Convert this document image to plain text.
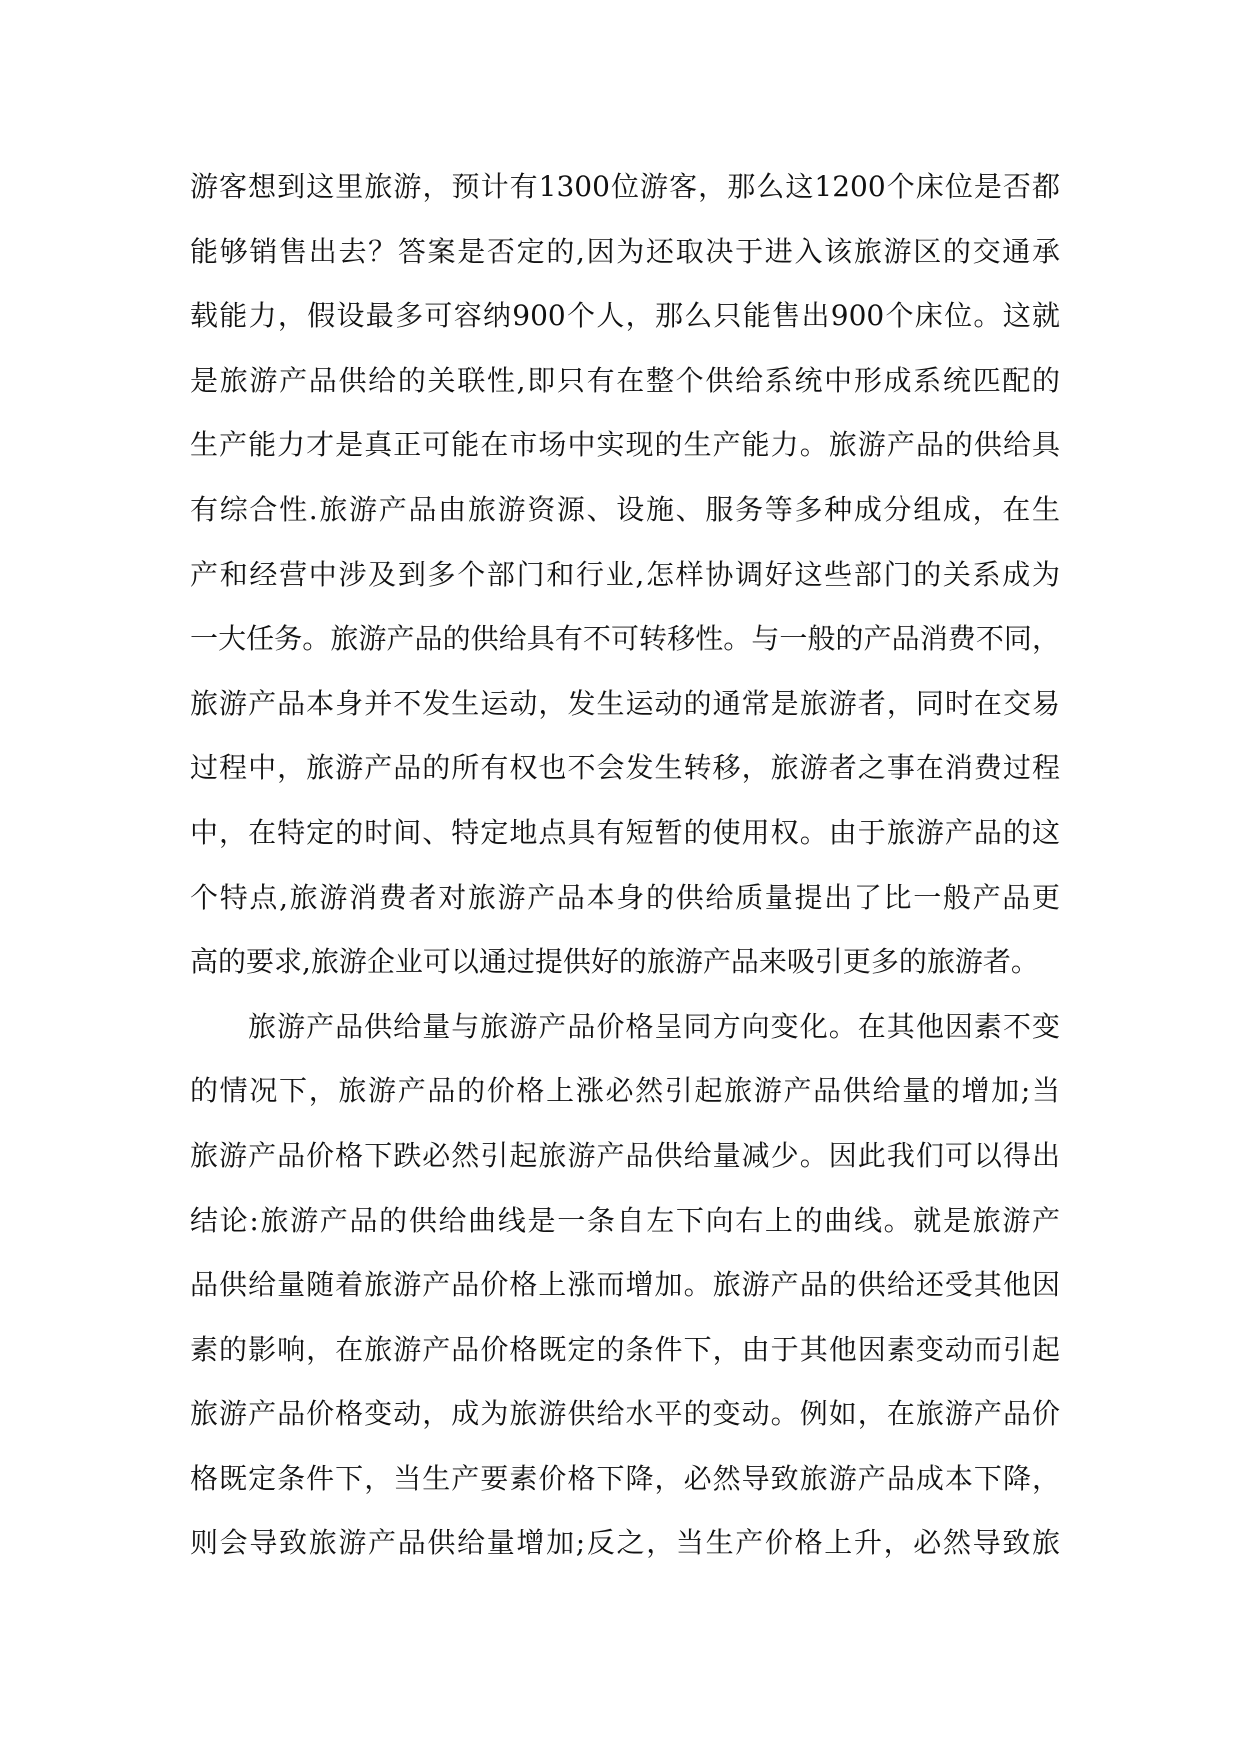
游客想到这里旅游，预计有1300位游客，那么这1200个床位是否都
能够销售出去？答案是否定的,因为还取决于进入该旅游区的交通承
载能力，假设最多可容纳900个人，那么只能售出900个床位。这就
是旅游产品供给的关联性,即只有在整个供给系统中形成系统匹配的
生产能力才是真正可能在市场中实现的生产能力。旅游产品的供给具
有综合性.旅游产品由旅游资源、设施、服务等多种成分组成，在生
产和经营中涉及到多个部门和行业,怎样协调好这些部门的关系成为
一大任务。旅游产品的供给具有不可转移性。与一般的产品消费不同，
旅游产品本身并不发生运动，发生运动的通常是旅游者，同时在交易
过程中，旅游产品的所有权也不会发生转移，旅游者之事在消费过程
中，在特定的时间、特定地点具有短暂的使用权。由于旅游产品的这
个特点,旅游消费者对旅游产品本身的供给质量提出了比一般产品更
高的要求,旅游企业可以通过提供好的旅游产品来吸引更多的旅游者。
旅游产品供给量与旅游产品价格呈同方向变化。在其他因素不变
的情况下，旅游产品的价格上涨必然引起旅游产品供给量的增加;当
旅游产品价格下跌必然引起旅游产品供给量减少。因此我们可以得出
结论:旅游产品的供给曲线是一条自左下向右上的曲线。就是旅游产
品供给量随着旅游产品价格上涨而增加。旅游产品的供给还受其他因
素的影响，在旅游产品价格既定的条件下，由于其他因素变动而引起
旅游产品价格变动，成为旅游供给水平的变动。例如，在旅游产品价
格既定条件下，当生产要素价格下降，必然导致旅游产品成本下降，
则会导致旅游产品供给量增加;反之，当生产价格上升，必然导致旅
